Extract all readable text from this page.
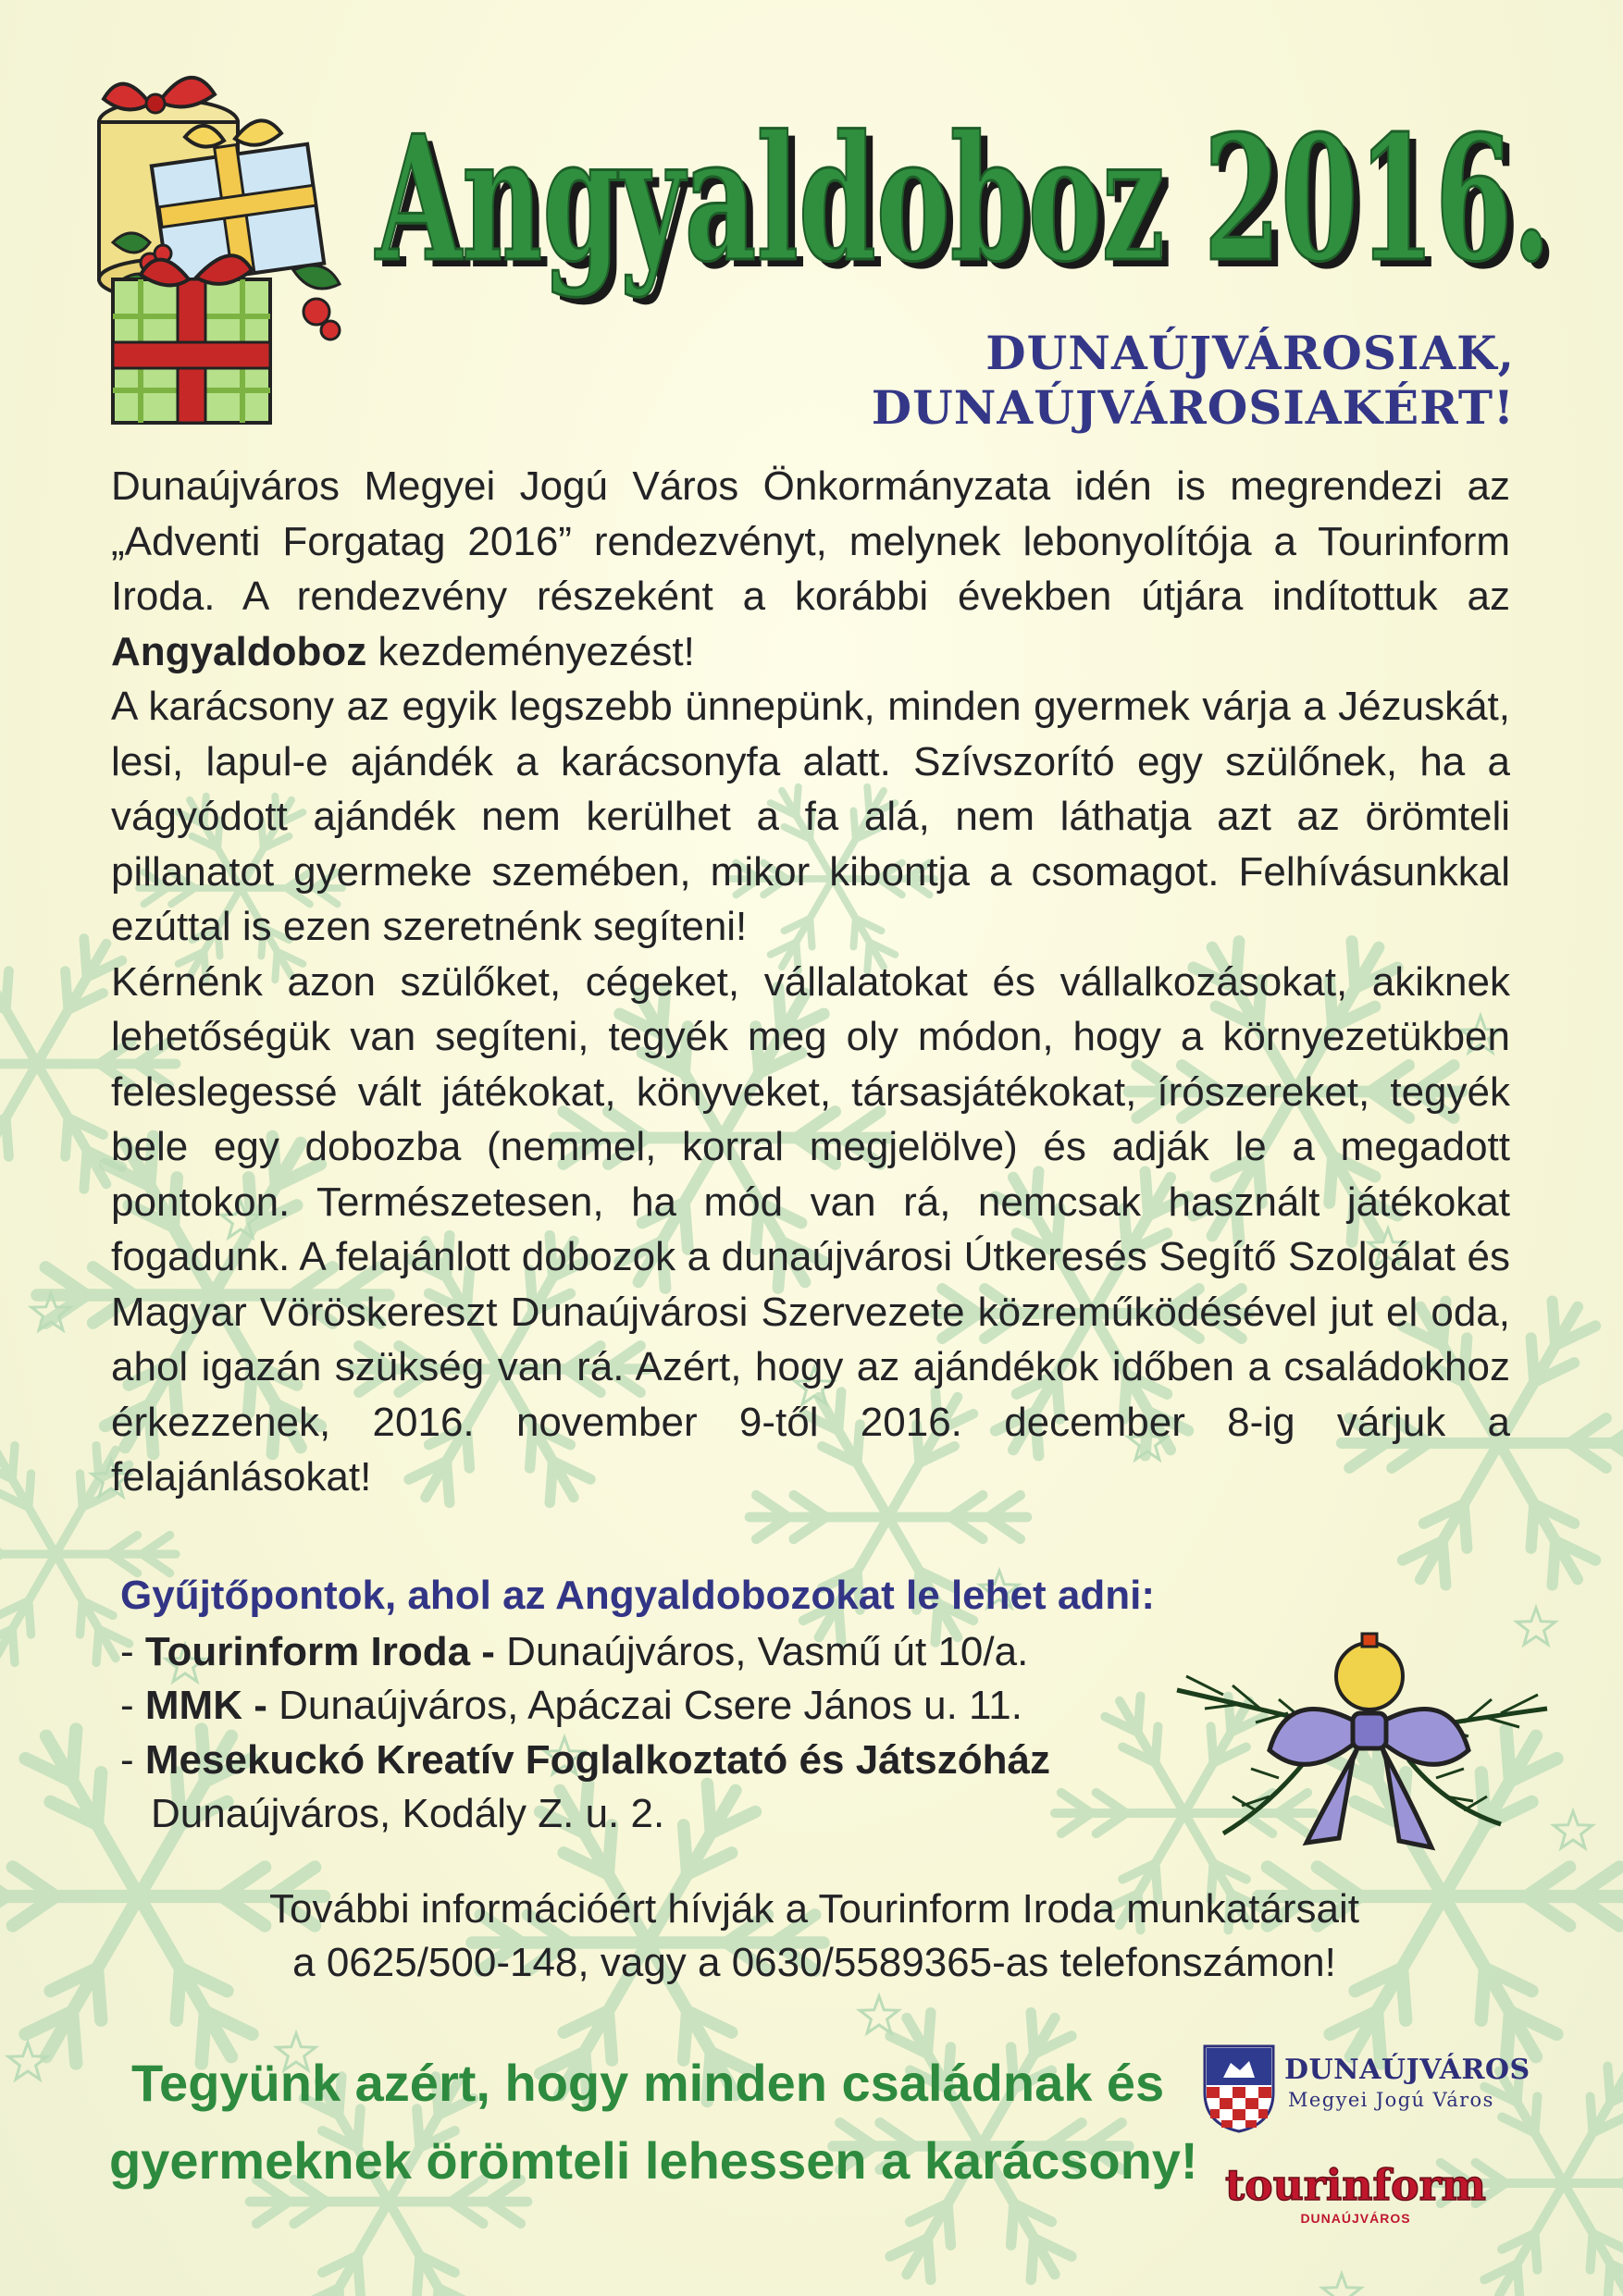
Angyaldoboz 2016.
Angyaldoboz 2016.
DUNAÚJVÁROSIAK, DUNAÚJVÁROSIAKÉRT!

Dunaújváros Megyei Jogú Város Önkormányzata idén is megrendezi az „Adventi Forgatag 2016” rendezvényt, melynek lebonyolítója a Tourinform Iroda. A rendezvény részeként a korábbi években útjára indítottuk az Angyaldoboz kezdeményezést!

A karácsony az egyik legszebb ünnepünk, minden gyermek várja a Jézuskát, lesi, lapul-e ajándék a karácsonyfa alatt. Szívszorító egy szülőnek, ha a vágyódott ajándék nem kerülhet a fa alá, nem láthatja azt az örömteli pillanatot gyermeke szemében, mikor kibontja a csomagot. Felhívásunkkal ezúttal is ezen szeretnénk segíteni!

Kérnénk azon szülőket, cégeket, vállalatokat és vállalkozásokat, akiknek lehetőségük van segíteni, tegyék meg oly módon, hogy a környezetükben feleslegessé vált játékokat, könyveket, társasjátékokat, írószereket, tegyék bele egy dobozba (nemmel, korral megjelölve) és adják le a megadott pontokon. Természetesen, ha mód van rá, nemcsak használt játékokat fogadunk. A felajánlott dobozok a dunaújvárosi Útkeresés Segítő Szolgálat és Magyar Vöröskereszt Dunaújvárosi Szervezete közreműködésével jut el oda, ahol igazán szükség van rá. Azért, hogy az ajándékok időben a családokhoz érkezzenek, 2016. november 9-től 2016. december 8-ig várjuk a felajánlásokat!

Gyűjtőpontok, ahol az Angyaldobozokat le lehet adni:
- Tourinform Iroda - Dunaújváros, Vasmű út 10/a.
- MMK - Dunaújváros, Apáczai Csere János u. 11.
- Mesekuckó Kreatív Foglalkoztató és Játszóház
Dunaújváros, Kodály Z. u. 2.
További információért hívják a Tourinform Iroda munkatársait
a 0625/500-148, vagy a 0630/5589365-as telefonszámon!
Tegyünk azért, hogy minden családnak és
gyermeknek örömteli lehessen a karácsony!
DUNAÚJVÁROS
Megyei Jogú Város
tourinform
DUNAÚJVÁROS
